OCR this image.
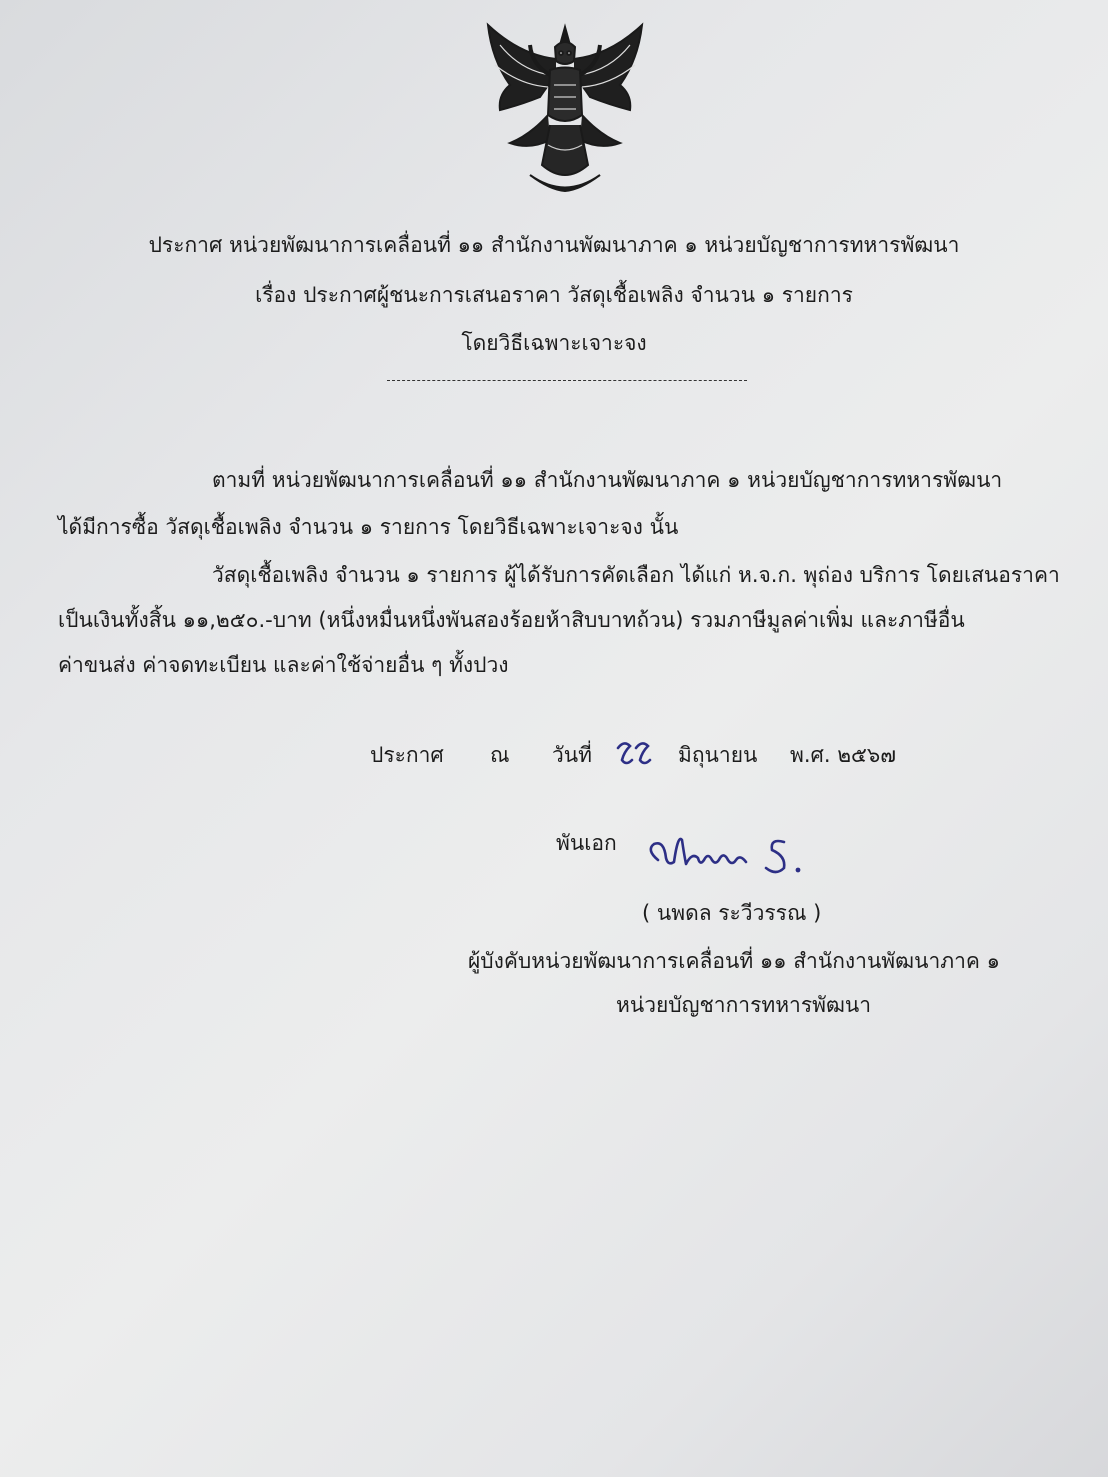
ประกาศ หน่วยพัฒนาการเคลื่อนที่ ๑๑ สำนักงานพัฒนาภาค ๑ หน่วยบัญชาการทหารพัฒนา
เรื่อง ประกาศผู้ชนะการเสนอราคา วัสดุเชื้อเพลิง จำนวน ๑ รายการ
โดยวิธีเฉพาะเจาะจง
ตามที่ หน่วยพัฒนาการเคลื่อนที่ ๑๑ สำนักงานพัฒนาภาค ๑ หน่วยบัญชาการทหารพัฒนา
ได้มีการซื้อ วัสดุเชื้อเพลิง จำนวน ๑ รายการ โดยวิธีเฉพาะเจาะจง นั้น
วัสดุเชื้อเพลิง จำนวน ๑ รายการ ผู้ได้รับการคัดเลือก ได้แก่ ห.จ.ก. พุถ่อง บริการ โดยเสนอราคา
เป็นเงินทั้งสิ้น ๑๑,๒๕๐.-บาท (หนึ่งหมื่นหนึ่งพันสองร้อยห้าสิบบาทถ้วน) รวมภาษีมูลค่าเพิ่ม และภาษีอื่น
ค่าขนส่ง ค่าจดทะเบียน และค่าใช้จ่ายอื่น ๆ ทั้งปวง
ประกาศ ณ วันที่	มิถุนายน พ.ศ. ๒๕๖๗
พันเอก
( นพดล ระวีวรรณ )
ผู้บังคับหน่วยพัฒนาการเคลื่อนที่ ๑๑ สำนักงานพัฒนาภาค ๑
หน่วยบัญชาการทหารพัฒนา
